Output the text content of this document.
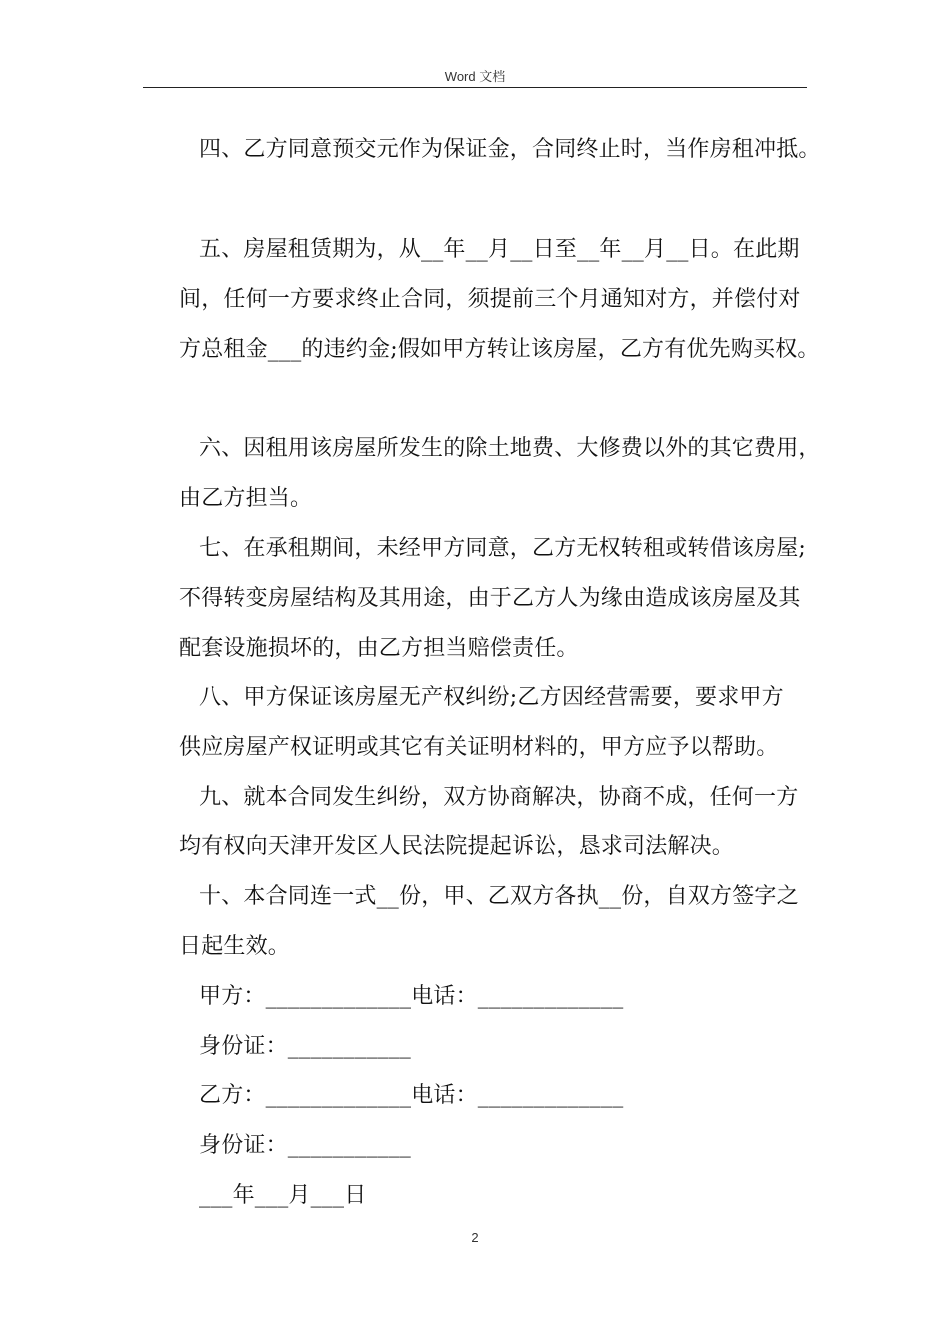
Word 文档
四、乙方同意预交元作为保证金，合同终止时，当作房租冲抵。
五、房屋租赁期为，从__年__月__日至__年__月__日。在此期
间，任何一方要求终止合同，须提前三个月通知对方，并偿付对
方总租金___的违约金;假如甲方转让该房屋，乙方有优先购买权。
六、因租用该房屋所发生的除土地费、大修费以外的其它费用，
由乙方担当。
七、在承租期间，未经甲方同意，乙方无权转租或转借该房屋;
不得转变房屋结构及其用途，由于乙方人为缘由造成该房屋及其
配套设施损坏的，由乙方担当赔偿责任。
八、甲方保证该房屋无产权纠纷;乙方因经营需要，要求甲方
供应房屋产权证明或其它有关证明材料的，甲方应予以帮助。
九、就本合同发生纠纷，双方协商解决，协商不成，任何一方
均有权向天津开发区人民法院提起诉讼，恳求司法解决。
十、本合同连一式__份，甲、乙双方各执__份，自双方签字之
日起生效。
甲方：_____________电话：_____________
身份证：___________
乙方：_____________电话：_____________
身份证：___________
___年___月___日
2
